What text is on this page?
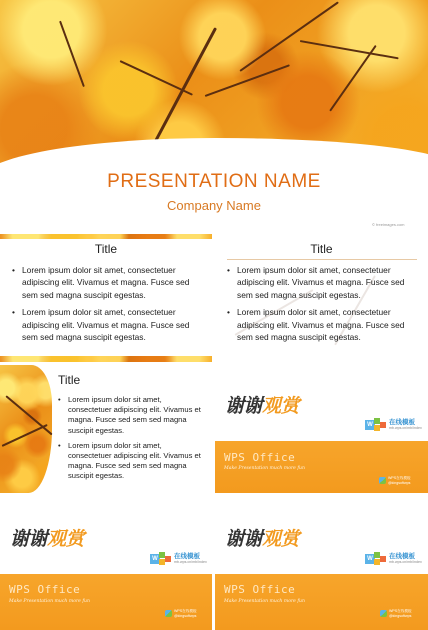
PRESENTATION NAME
Company Name
© freeimages.com
Title
• Lorem ipsum dolor sit amet, consectetuer adipiscing elit. Vivamus et magna. Fusce sed sem sed magna suscipit egestas.
• Lorem ipsum dolor sit amet, consectetuer adipiscing elit. Vivamus et magna. Fusce sed sem sed magna suscipit egestas.
Title
• Lorem ipsum dolor sit amet, consectetuer adipiscing elit. Vivamus et magna. Fusce sed sem sed magna suscipit egestas.
• Lorem ipsum dolor sit amet, consectetuer adipiscing elit. Vivamus et magna. Fusce sed sem sed magna suscipit egestas.
Title
• Lorem ipsum dolor sit amet, consectetuer adipiscing elit. Vivamus et magna. Fusce sed sem sed magna suscipit egestas.
• Lorem ipsum dolor sit amet, consectetuer adipiscing elit. Vivamus et magna. Fusce sed sem sed magna suscipit egestas.
谢谢观赏
W	在线模板
mb.wps.cn/mb/index
WPS Office
Make Presentation much more fun
WPS在线模板
@kingsoftwps
谢谢观赏
W	在线模板
mb.wps.cn/mb/index
WPS Office
Make Presentation much more fun
WPS在线模板
@kingsoftwps
谢谢观赏
W	在线模板
mb.wps.cn/mb/index
WPS Office
Make Presentation much more fun
WPS在线模板
@kingsoftwps
